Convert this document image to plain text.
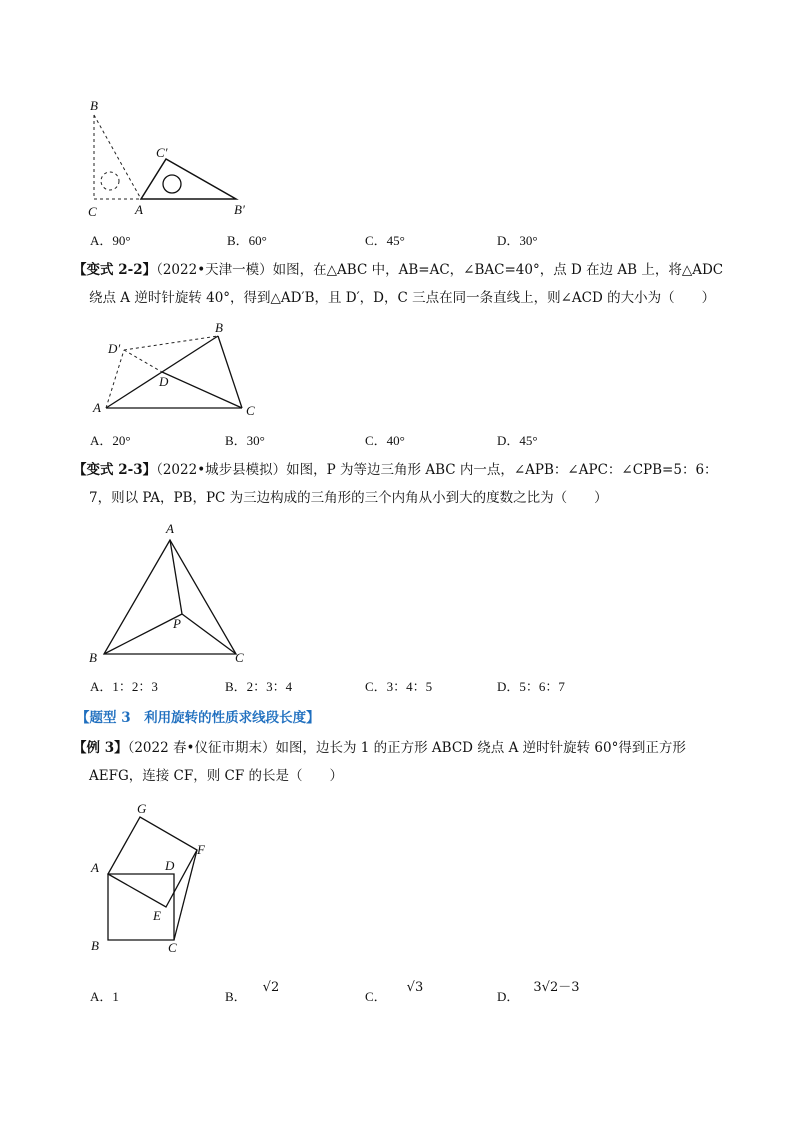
B
C	A
C′
B′
A．90°	B．60°	C．45°	D．30°
【变式 2-2】（2022•天津一模）如图，在△ABC 中，AB=AC，∠BAC=40°，点 D 在边 AB 上，将△ADC
绕点 A 逆时针旋转 40°，得到△AD′B，且 D′，D，C 三点在同一条直线上，则∠ACD 的大小为（　　）
B
D′
D
A	C
A．20°	B．30°	C．40°	D．45°
【变式 2-3】（2022•城步县模拟）如图，P 为等边三角形 ABC 内一点，∠APB：∠APC：∠CPB=5：6：
7，则以 PA，PB，PC 为三边构成的三角形的三个内角从小到大的度数之比为（　　）
A
P
B	C
A．1：2：3	B．2：3：4	C．3：4：5	D．5：6：7
【题型 3　利用旋转的性质求线段长度】
【例 3】（2022 春•仪征市期末）如图，边长为 1 的正方形 ABCD 绕点 A 逆时针旋转 60°得到正方形
AEFG，连接 CF，则 CF 的长是（　　）
G
A	D
F
E
B	C
A．1	B．√2
C．√3
D．3√2－3
